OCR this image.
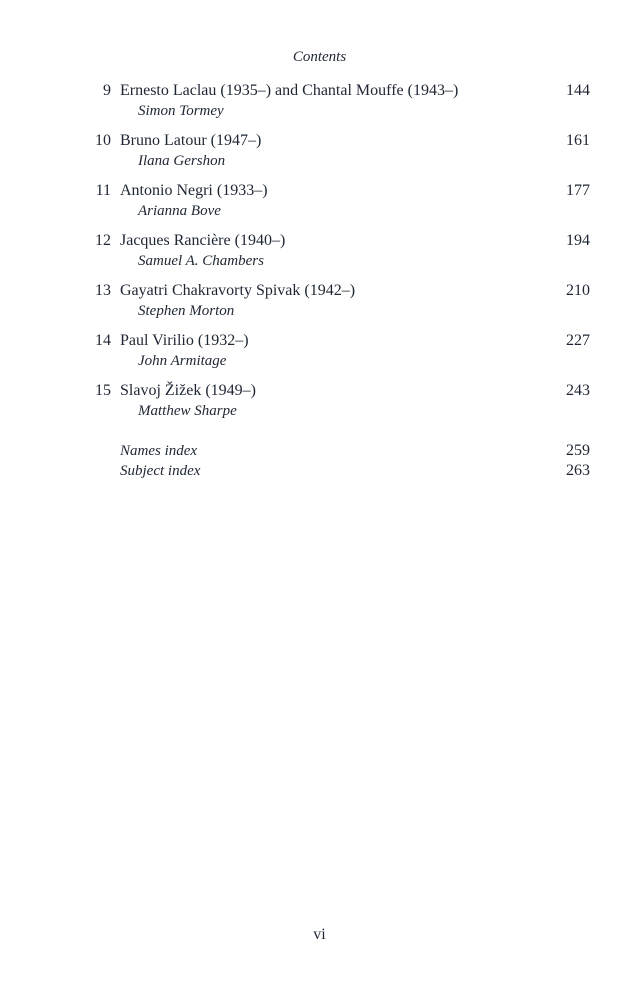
Contents
9 Ernesto Laclau (1935–) and Chantal Mouffe (1943–)
Simon Tormey
144
10 Bruno Latour (1947–)
Ilana Gershon
161
11 Antonio Negri (1933–)
Arianna Bove
177
12 Jacques Rancière (1940–)
Samuel A. Chambers
194
13 Gayatri Chakravorty Spivak (1942–)
Stephen Morton
210
14 Paul Virilio (1932–)
John Armitage
227
15 Slavoj Žižek (1949–)
Matthew Sharpe
243
Names index	259
Subject index	263
vi
